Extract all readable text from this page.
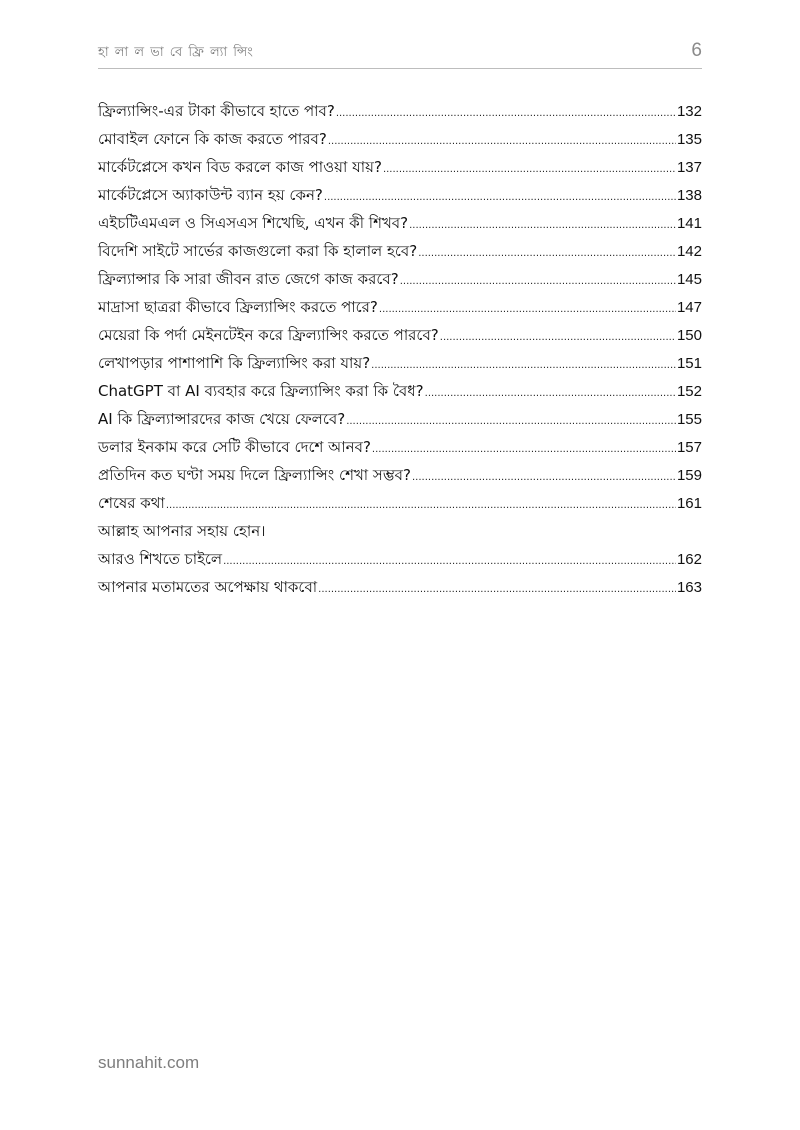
হা লা ল ভা বে ফ্রি ল্যা ন্সিং	6
ফ্রিল্যান্সিং-এর টাকা কীভাবে হাতে পাব? .....	132
মোবাইল ফোনে কি কাজ করতে পারব? .....	135
মার্কেটপ্লেসে কখন বিড করলে কাজ পাওয়া যায়? .....	137
মার্কেটপ্লেসে অ্যাকাউন্ট ব্যান হয় কেন? .....	138
এইচটিএমএল ও সিএসএস শিখেছি, এখন কী শিখব? .....	141
বিদেশি সাইটে সার্ভের কাজগুলো করা কি হালাল হবে? .....	142
ফ্রিল্যান্সার কি সারা জীবন রাত জেগে কাজ করবে? .....	145
মাদ্রাসা ছাত্ররা কীভাবে ফ্রিল্যান্সিং করতে পারে? .....	147
মেয়েরা কি পর্দা মেইনটেইন করে ফ্রিল্যান্সিং করতে পারবে? .....	150
লেখাপড়ার পাশাপাশি কি ফ্রিল্যান্সিং করা যায়? .....	151
ChatGPT বা AI ব্যবহার করে ফ্রিল্যান্সিং করা কি বৈধ? .....	152
AI কি ফ্রিল্যান্সারদের কাজ খেয়ে ফেলবে? .....	155
ডলার ইনকাম করে সেটি কীভাবে দেশে আনব? .....	157
প্রতিদিন কত ঘণ্টা সময় দিলে ফ্রিল্যান্সিং শেখা সম্ভব? .....	159
শেষের কথা .....	161
আল্লাহ আপনার সহায় হোন।
আরও শিখতে চাইলে .....	162
আপনার মতামতের অপেক্ষায় থাকবো .....	163
sunnahit.com
